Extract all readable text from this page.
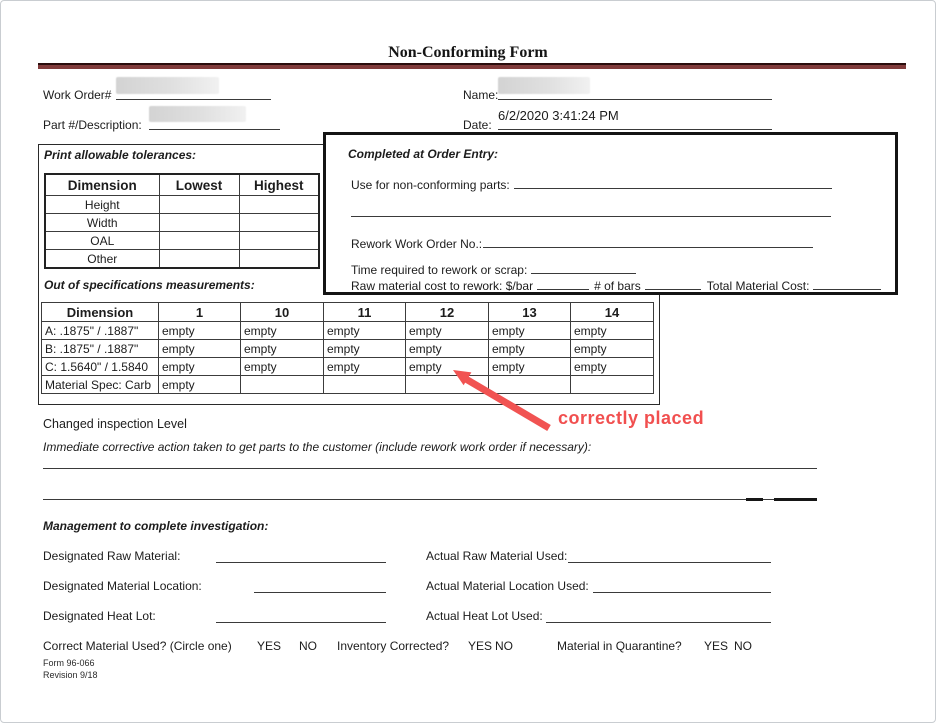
Non-Conforming Form
Work Order#	Name:
Part #/Description:	Date:
6/2/2020 3:41:24 PM
Print allowable tolerances:
Dimension	Lowest	Highest
Height		
Width		
OAL		
Other		
Out of specifications measurements:
Completed at Order Entry:
Use for non-conforming parts:
Rework Work Order No.:
Time required to rework or scrap:
Raw material cost to rework: $/bar	# of bars	Total Material Cost:
Dimension	1	10	11	12	13	14
A: .1875" / .1887"	empty	empty	empty	empty	empty	empty
B: .1875" / .1887"	empty	empty	empty	empty	empty	empty
C: 1.5640" / 1.5840	empty	empty	empty	empty	empty	empty
Material Spec: Carb	empty					
correctly placed
Changed inspection Level
Immediate corrective action taken to get parts to the customer (include rework work order if necessary):
Management to complete investigation:
Designated Raw Material:	Actual Raw Material Used:
Designated Material Location:	Actual Material Location Used:
Designated Heat Lot:	Actual Heat Lot Used:
Correct Material Used? (Circle one) YES NO Inventory Corrected? YES NO	Material in Quarantine? YES NO
Form 96-066
Revision 9/18
